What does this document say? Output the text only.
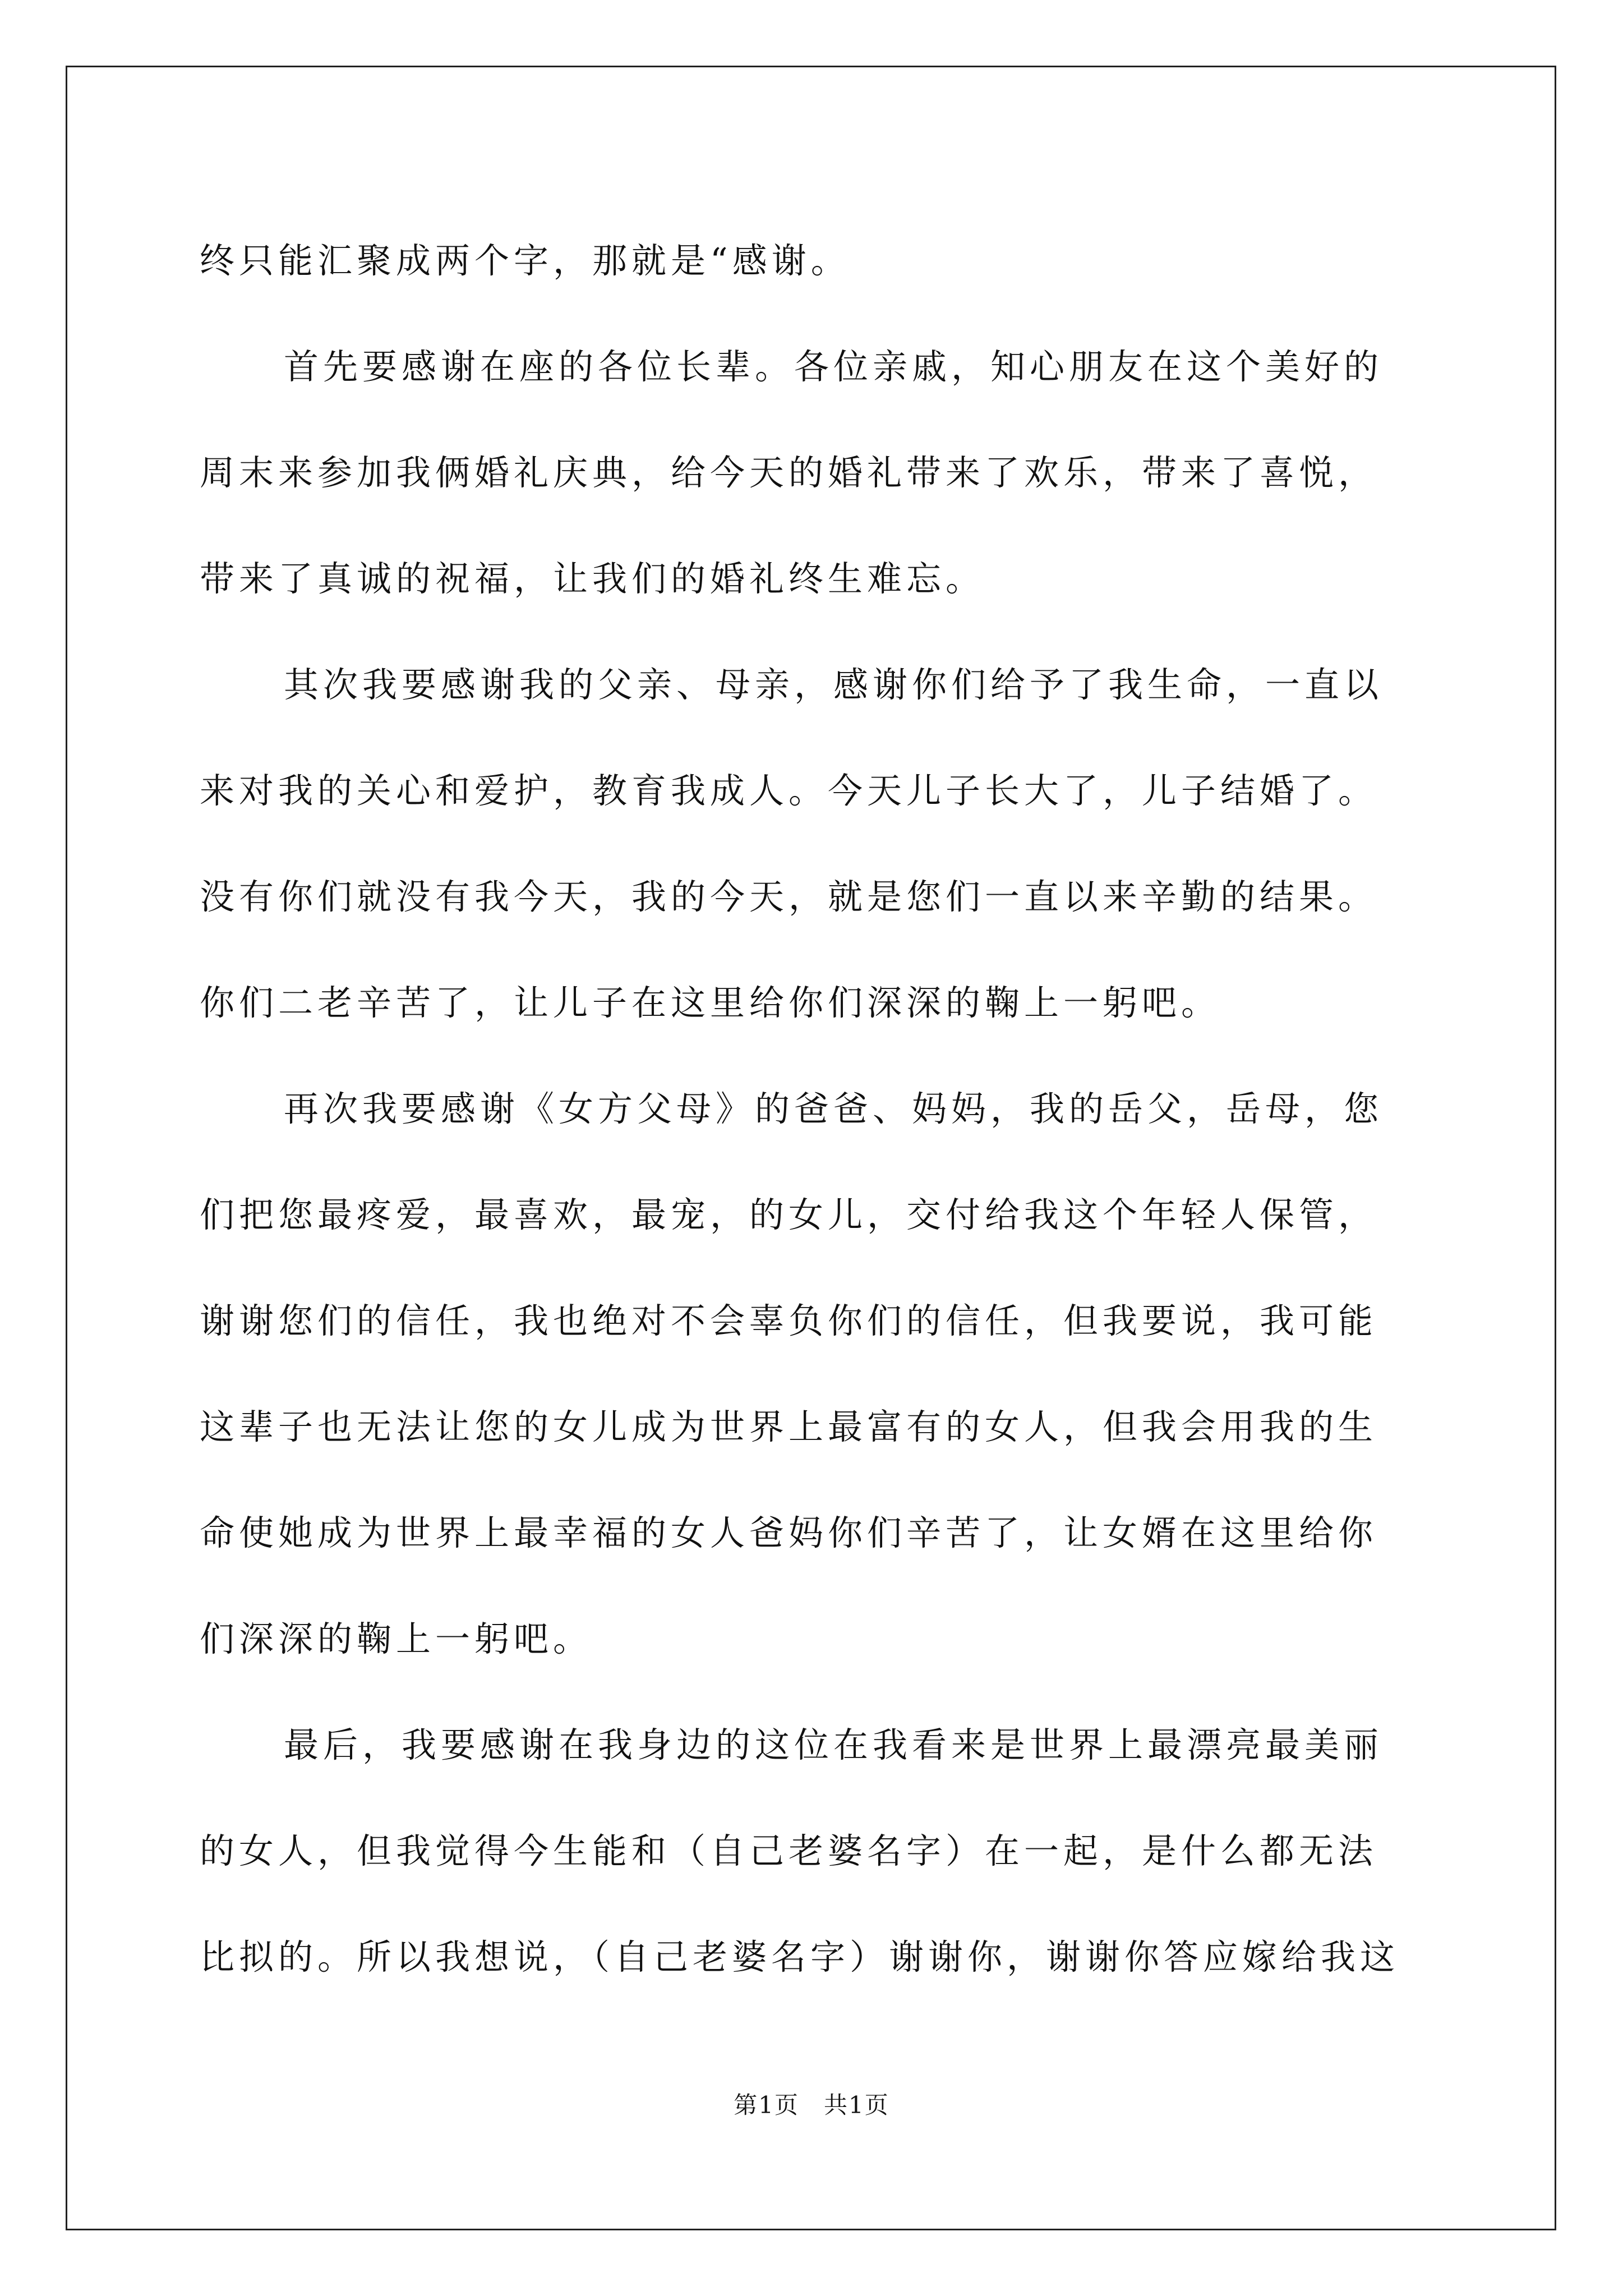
终只能汇聚成两个字，那就是“感谢。
首先要感谢在座的各位长辈。各位亲戚，知心朋友在这个美好的
周末来参加我俩婚礼庆典，给今天的婚礼带来了欢乐，带来了喜悦，
带来了真诚的祝福，让我们的婚礼终生难忘。
其次我要感谢我的父亲、母亲，感谢你们给予了我生命，一直以
来对我的关心和爱护，教育我成人。今天儿子长大了，儿子结婚了。
没有你们就没有我今天，我的今天，就是您们一直以来辛勤的结果。
你们二老辛苦了，让儿子在这里给你们深深的鞠上一躬吧。
再次我要感谢《女方父母》的爸爸、妈妈，我的岳父，岳母，您
们把您最疼爱，最喜欢，最宠，的女儿，交付给我这个年轻人保管，
谢谢您们的信任，我也绝对不会辜负你们的信任，但我要说，我可能
这辈子也无法让您的女儿成为世界上最富有的女人，但我会用我的生
命使她成为世界上最幸福的女人爸妈你们辛苦了，让女婿在这里给你
们深深的鞠上一躬吧。
最后，我要感谢在我身边的这位在我看来是世界上最漂亮最美丽
的女人，但我觉得今生能和（自己老婆名字）在一起，是什么都无法
比拟的。所以我想说，（自己老婆名字）谢谢你，谢谢你答应嫁给我这
第1页　共1页
